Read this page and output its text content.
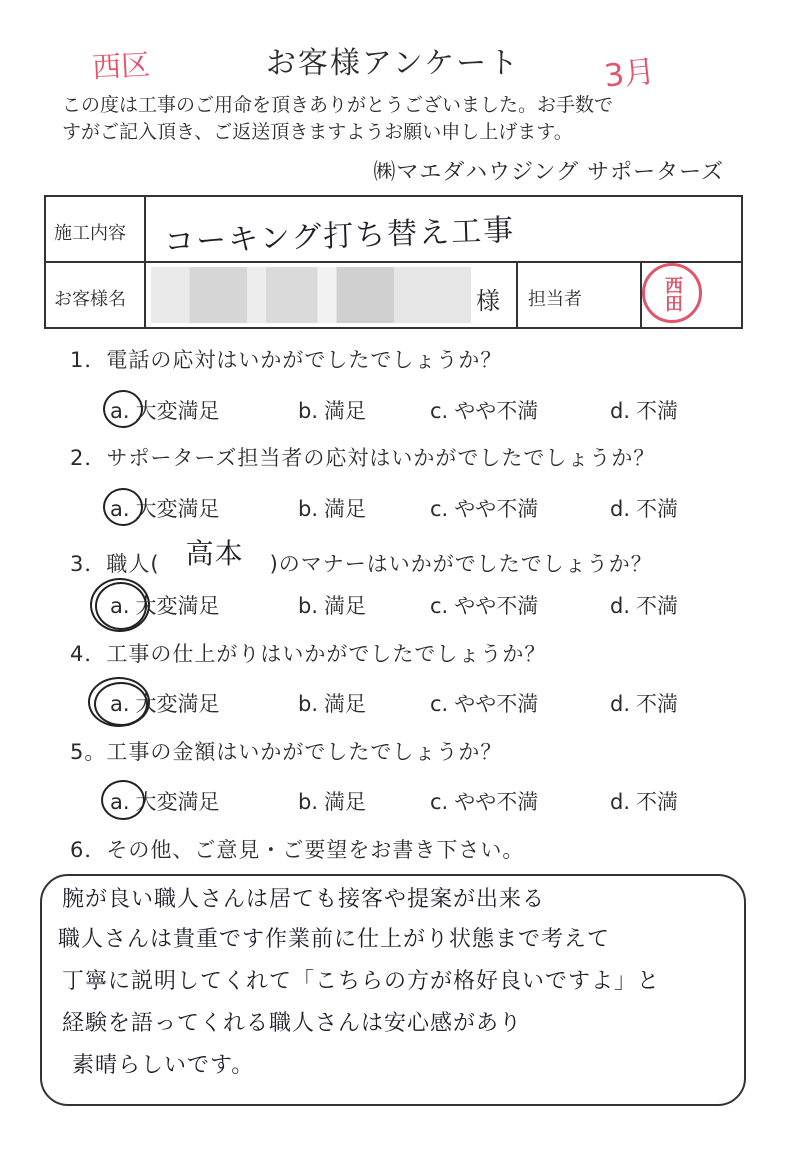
お客様アンケート
西区	3月

この度は工事のご用命を頂きありがとうございました。お手数で

すがご記入頂き、ご返送頂きますようお願い申し上げます。

㈱マエダハウジング サポーターズ
施工内容 コーキング打ち替え工事
お客様名	様 担当者	西田
1．電話の応対はいかがでしたでしょうか？
a. 大変満足	b. 満足	c. やや不満	d. 不満
2．サポーターズ担当者の応対はいかがでしたでしょうか？
a. 大変満足	b. 満足	c. やや不満	d. 不満
3．職人( 高本 )のマナーはいかがでしたでしょうか？
a. 大変満足	b. 満足	c. やや不満	d. 不満
4．工事の仕上がりはいかがでしたでしょうか？
a. 大変満足	b. 満足	c. やや不満	d. 不満
5。工事の金額はいかがでしたでしょうか？
a. 大変満足	b. 満足	c. やや不満	d. 不満
6．その他、ご意見・ご要望をお書き下さい。
腕が良い職人さんは居ても接客や提案が出来る
職人さんは貴重です作業前に仕上がり状態まで考えて
丁寧に説明してくれて「こちらの方が格好良いですよ」と
経験を語ってくれる職人さんは安心感があり
素晴らしいです。
